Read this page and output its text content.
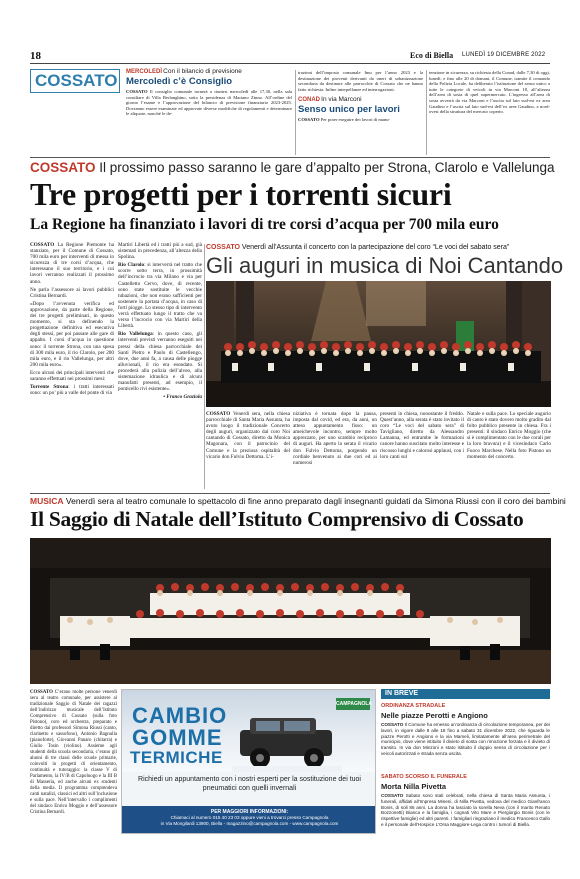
18	Eco di Biella LUNEDÌ 19 DICEMBRE 2022
COSSATO MERCOLEDÌ Con il bilancio di previsione
Mercoledì c’è Consiglio
COSSATO Il consiglio comunale tornerà a riunirsi mercoledì alle 17,30, nella sala consiliare di Villa Berlanghino, sotto la presidenza di Mariano Zinno. All’ordine del giorno l’esame e l’approvazione del bilancio di previsione finanziario 2023-2025. Dovranno essere esaminate ed approvate diverse modifiche di regolamenti e determinare le aliquote, nonché le de-
trazioni dell’imposta comunale Imu per l’anno 2023 e la destinazione dei proventi derivanti da oneri di urbanizzazione secondaria da destinare alle parrocchie di Cossato che ne hanno fatto richiesta. Infine interpellanze ed interrogazioni.
CONAD In via Marconi
Senso unico per lavori
COSSATO Per poter eseguire dei lavori di manu-
tenzione in sicurezza, su richiesta della Conad, dalle 7,30 di oggi, lunedì, e fino alle 20 di domani, il Comune, tramite il comando della Polizia Locale, ha deliberato l’istituzione del senso unico a tutte le categorie di veicoli in via Marconi 18, all’altezza dell’area di sosta di quel supermercato. L’ingresso all’area di sosta avverrà da via Marconi e l’uscita sul lato sud-est ex area Gaudino e l’uscita sul lato sud-est dell’ex area Gaudino, a nord-ovest della struttura del mercato coperto.
COSSATO Il prossimo passo saranno le gare d’appalto per Strona, Clarolo e Vallelunga
Tre progetti per i torrenti sicuri
La Regione ha finanziato i lavori di tre corsi d’acqua per 700 mila euro

COSSATO La Regione Piemonte ha stanziato, per il Comune di Cossato, 700 mila euro per interventi di messa in sicurezza di tre corsi d’acqua, che interessano il suo territorio, e i cui lavori verranno realizzati il prossimo anno.

Ne parla l’assessore ai lavori pubblici Cristina Bernardi.

«Dopo l’avvenuta verifica ed approvazione, da parte della Regione, dei tre progetti preliminari, in questo momento, si sta definendo la progettazione definitiva ed esecutiva degli stessi, per poi passare alle gare di appalto. I corsi d’acqua in questione sono: il torrente Strona, con una spesa di 300 mila euro, il rio Clarolo, per 200 mila euro, e il rio Vallelunga, per altri 200 mila euro».

Ecco alcuni dei principali interventi che saranno effettuati nei prossimi mesi:

Torrente Strona: i tratti interessati sono: un po’ più a valle del ponte di via

Martiri Libertà ed i tratti più a sud, già sistemati in precedenza, all’altezza della Spolina.

Rio Clarolo: si interverrà nel tratto che scorre sotto terra, in prossimità dell’incrocio tra via Milano e via per Castelletto Cervo, dove, di recente, sono state sostituite le vecchie tubazioni, che non erano sufficienti per sostenere la portata d’acqua, in caso di forti piogge. Lo stesso tipo di intervento verrà effettuato lungo il tratto che va verso l’incrocio con via Martiri della Libertà.

Rio Vallelunga: in questo caso, gli interventi previsti verranno eseguiti nei pressi della chiesa parrocchiale dei Santi Pietro e Paolo di Castellengo, dove, due anni fa, a causa delle piogge alluvionali, il rio era esondato. Si procederà alla pulizia dell’alveo, alla sistemazione idraulica e di alcuni manufatti presenti, ad esempio, il ponticello rivi esistente».

• Franco Graziola

COSSATO Venerdì all’Assunta il concerto con la partecipazione del coro “Le voci del sabato sera”
Gli auguri in musica di Noi Cantando

COSSATO Venerdì sera, nella chiesa parrocchiale di Santa Maria Assunta, ha avuto luogo il tradizionale Concerto degli auguri, organizzato dal coro Noi cantando di Cossato, diretto da Monica Magonara, con il patrocinio del Comune e la preziosa ospitalità del vicario don Fulvio Dettoma. L’i-

niziativa è tornata dopo la pausa, imposta dal covid, ed era, da anni, un atteso appuntamento fisso: un ameichevole incontro, sempre molto apprezzato, per uno scambio reciproco di auguri. Ha aperto la serata il vicario don Fulvio Dettoma, porgendo un cordiale benvenuto ai due cori ed ai numerosi

presenti in chiesa, nonostante il freddo. Quest’anno, alla serata è stato invitato il coro “Le voci del sabato sera” di Tavigliano, diretto da Alessandro Lamanna, ed entrambe le formazioni canore hanno suscitato molto interesse e riscosso lunghi e calorosi applausi, con i loro canti sul

Natale e sulla pace. Lo speciale augurio di canto è stato dovero molto gradito dal folto pubblico presente in chiesa. Fra i presenti: il sindaco Enrico Moggio (che si è complimentato con le due corali per la loro bravura) e il vicesindaco Carlo Fuoco Marchese. Nella foto Pistono un momento del concerto.

MUSICA Venerdì sera al teatro comunale lo spettacolo di fine anno preparato dagli insegnanti guidati da Simona Riussi con il coro dei bambini
Il Saggio di Natale dell’Istituto Comprensivo di Cossato

COSSATO C’erano molte persone venerdì sera al teatro comunale, per assistere al tradizionale Saggio di Natale dei ragazzi dell’indirizzo musicale dell’Istituto Comprensivo di Cossato (sulla foto Pistono), coro ed orchestra, preparato e diretto dai professori Simona Riussi (canto, clarinetto e sassofono), Antonio Bagnulla (pianoforte), Giovanni Panaro (chitarra) e Giulio Tosin (violino). Assieme agli studenti della scuola secondaria, c’erano gli alunni di tre classi delle scuole primarie, coinvolti in progetti di orientamento, continuità e tutoraggio: la classe V di Parlamento, la IV/B di Capoluogo e la III B di Masseria, ed anche alcuni ex studenti della media. Il programma comprendeva canti natalizi, classici ed altri sull’inclusione e sulla pace. Nell’intervallo i complimenti del sindaco Enrico Moggio e dell’assessore Cristina Bernardi.

CAMBIO
GOMME
TERMICHE
CAMPAGNOLA
Richiedi un appuntamento con i nostri esperti per la sostituzione dei tuoi pneumatici con quelli invernali
PER MAGGIORI INFORMAZIONI:
Chiamaci al numero 015 40 23 03 oppure vieni a trovarci presso Campagnola
in Via Mongilardi 13900, Biella - magazzino@campagnola.com - www.campagnola.com
IN BREVE
ORDINANZA STRADALE
Nelle piazze Perotti e Angiono
COSSATO Il Comune ha emesso un’ordinanza di circolazione temporanea, per dei lavori, in vigore dalle 8 alle 18 fino a sabato 31 dicembre 2022, che riguarda le piazze Perotti e Angiono e la via Mameli, limitatamente all’area perimetrale del municipio, dove viene istituito il divieto di sosta con rimozione forzata e il divieto di transito. In via don Minzoni e stato istituito il doppio senso di circolazione per i veicoli autorizzati e strada senza uscita.
SABATO SCORSO IL FUNERALE
Morta Nilla Pivetta
COSSATO Sabato sono stati celebrati, nella chiesa di Santa Maria Assunta, i funerali, affidati all’Impresa Mineni, di Nilla Pivetta, vedova del medico Gianfranco Bonis, di soli 86 anni. La donna ha lasciato la sorella Neva (con il marito Renato Bozzonetti) Bianca e la famiglia, i cognati Vito Mare e Piergiorgio Bonis (con le rispettive famiglie) ed altri parenti. I famigliari ringraziano il medico Francesco Gallo e il personale dell’Hospice L’Orsa Maggiore-Lega contro i tumori di Biella.
